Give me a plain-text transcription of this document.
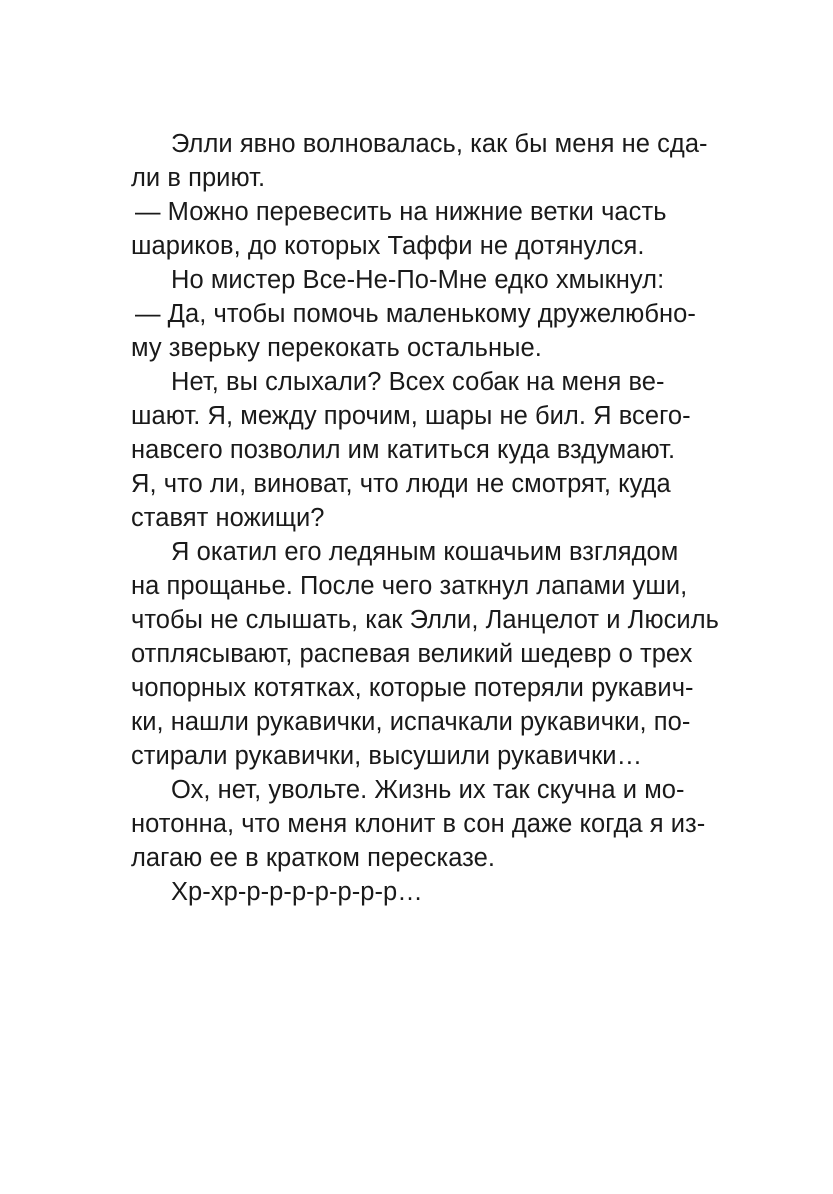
Элли явно волновалась, как бы меня не сда-
ли в приют.
— Можно перевесить на нижние ветки часть
шариков, до которых Таффи не дотянулся.
Но мистер Все-Не-По-Мне едко хмыкнул:
— Да, чтобы помочь маленькому дружелюбно-
му зверьку перекокать остальные.
Нет, вы слыхали? Всех собак на меня ве-
шают. Я, между прочим, шары не бил. Я всего-
навсего позволил им катиться куда вздумают.
Я, что ли, виноват, что люди не смотрят, куда
ставят ножищи?
Я окатил его ледяным кошачьим взглядом
на прощанье. После чего заткнул лапами уши,
чтобы не слышать, как Элли, Ланцелот и Люсиль
отплясывают, распевая великий шедевр о трех
чопорных котятках, которые потеряли рукавич-
ки, нашли рукавички, испачкали рукавички, по-
стирали рукавички, высушили рукавички…
Ох, нет, увольте. Жизнь их так скучна и мо-
нотонна, что меня клонит в сон даже когда я из-
лагаю ее в кратком пересказе.
Хр-хр-р-р-р-р-р-р-р…
